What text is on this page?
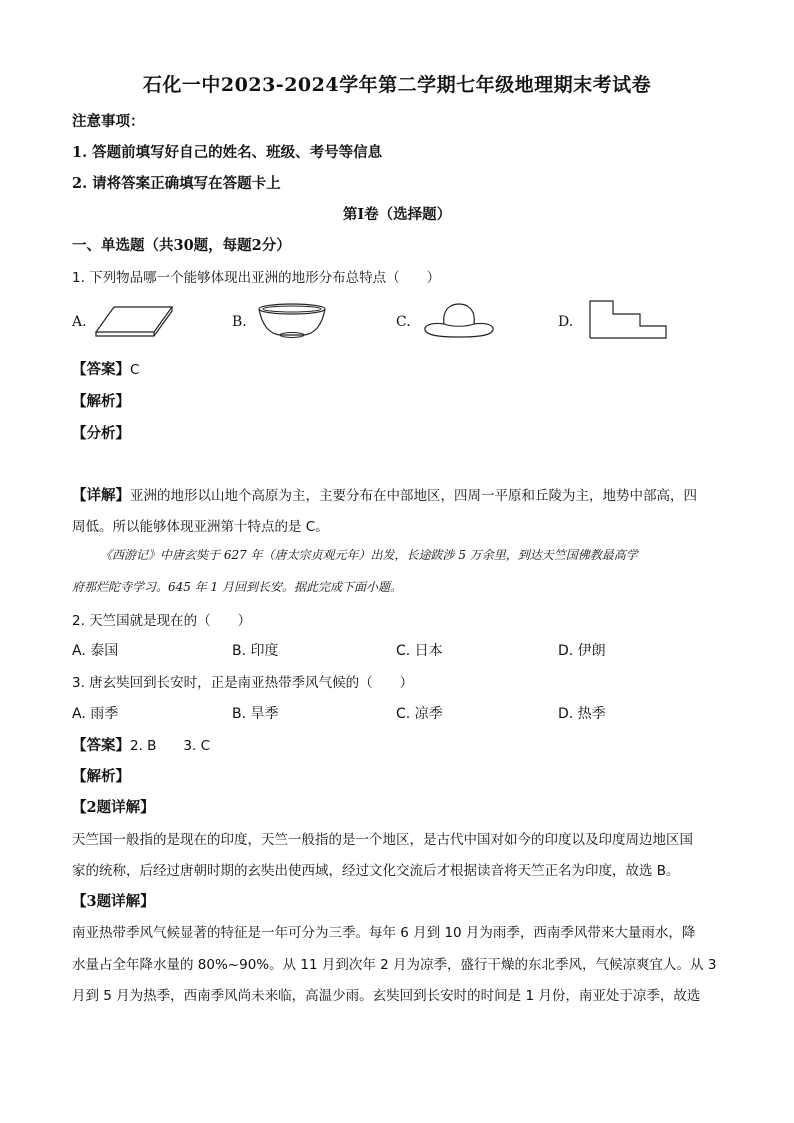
石化一中2023-2024学年第二学期七年级地理期末考试卷
注意事项：
1. 答题前填写好自己的姓名、班级、考号等信息
2. 请将答案正确填写在答题卡上
第Ⅰ卷（选择题）
一、单选题（共30题，每题2分）
1. 下列物品哪一个能够体现出亚洲的地形分布总特点（　　）
A.	B.	C.	D.
【答案】C
【解析】
【分析】
【详解】亚洲的地形以山地个高原为主，主要分布在中部地区，四周一平原和丘陵为主，地势中部高，四
周低。所以能够体现亚洲第十特点的是 C。
《西游记》中唐玄奘于 627 年（唐太宗贞观元年）出发，长途跋涉 5 万余里，到达天竺国佛教最高学
府那烂陀寺学习。645 年 1 月回到长安。据此完成下面小题。
2. 天竺国就是现在的（　　）
A. 泰国	B. 印度	C. 日本	D. 伊朗
3. 唐玄奘回到长安时，正是南亚热带季风气候的（　　）
A. 雨季	B. 旱季	C. 凉季	D. 热季
【答案】2. B　　3. C
【解析】
【2题详解】
天竺国一般指的是现在的印度，天竺一般指的是一个地区，是古代中国对如今的印度以及印度周边地区国
家的统称，后经过唐朝时期的玄奘出使西域，经过文化交流后才根据读音将天竺正名为印度，故选 B。
【3题详解】
南亚热带季风气候显著的特征是一年可分为三季。每年 6 月到 10 月为雨季，西南季风带来大量雨水，降
水量占全年降水量的 80%~90%。从 11 月到次年 2 月为凉季，盛行干燥的东北季风，气候凉爽宜人。从 3
月到 5 月为热季，西南季风尚未来临，高温少雨。玄奘回到长安时的时间是 1 月份，南亚处于凉季，故选
